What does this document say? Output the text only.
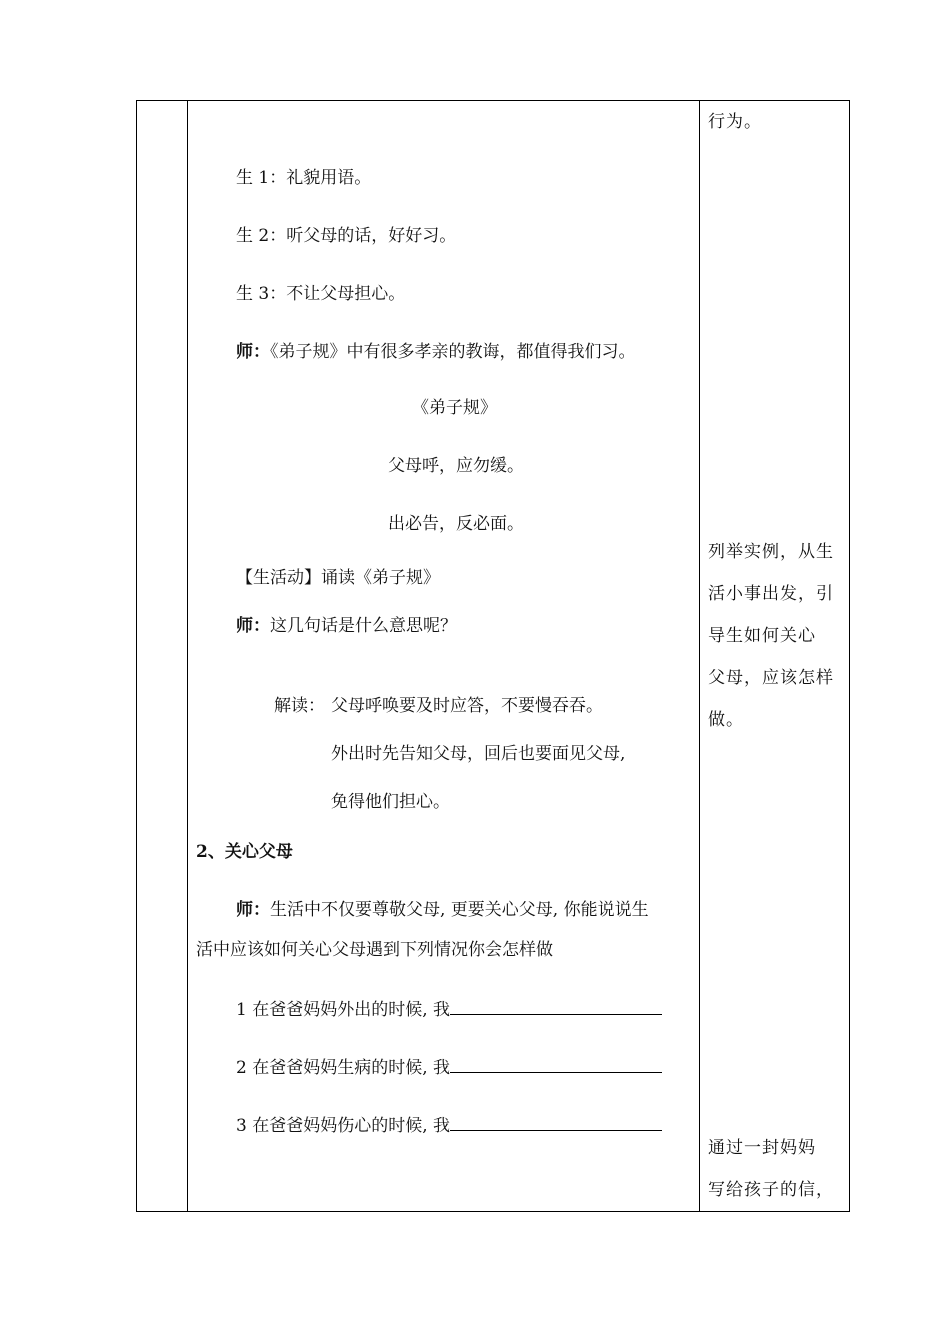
生 1：礼貌用语。
生 2：听父母的话，好好习。
生 3：不让父母担心。
师：《弟子规》中有很多孝亲的教诲，都值得我们习。
《弟子规》
父母呼，应勿缓。
出必告，反必面。
【生活动】诵读《弟子规》
师：这几句话是什么意思呢？
解读： 父母呼唤要及时应答，不要慢吞吞。
外出时先告知父母，回后也要面见父母,
免得他们担心。
2、关心父母
师：生活中不仅要尊敬父母, 更要关心父母, 你能说说生
活中应该如何关心父母遇到下列情况你会怎样做
1 在爸爸妈妈外出的时候, 我
2 在爸爸妈妈生病的时候, 我
3 在爸爸妈妈伤心的时候, 我
行为。
列举实例，从生
活小事出发，引
导生如何关心
父母，应该怎样
做。
通过一封妈妈
写给孩子的信，
